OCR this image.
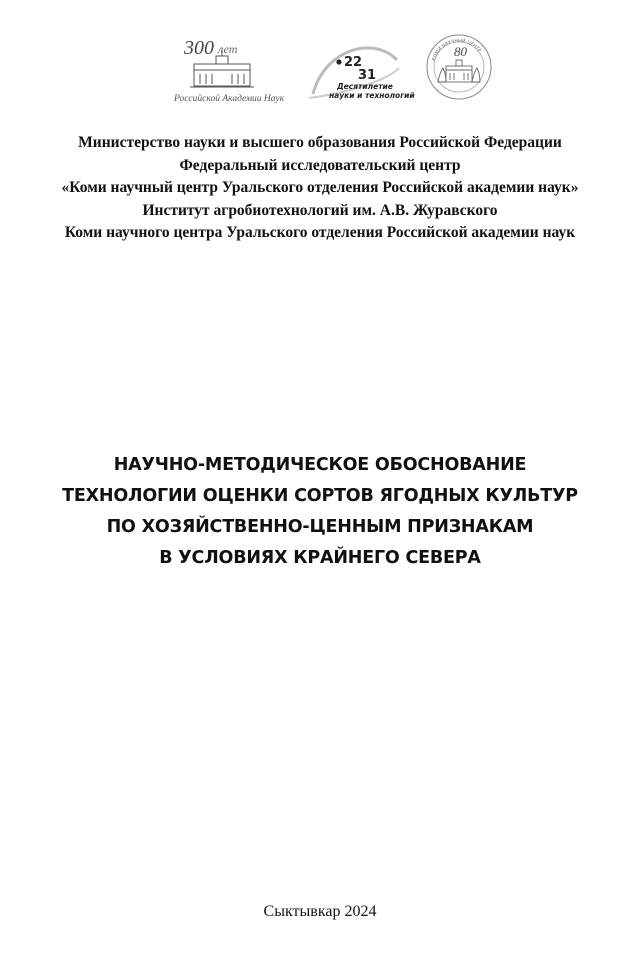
300 лет
Российской Академии Наук
22
31
Десятилетие
науки и технологий
КОМИ НАУЧНЫЙ ЦЕНТР
80
Министерство науки и высшего образования Российской Федерации
Федеральный исследовательский центр
«Коми научный центр Уральского отделения Российской академии наук»
Институт агробиотехнологий им. А.В. Журавского
Коми научного центра Уральского отделения Российской академии наук
НАУЧНО-МЕТОДИЧЕСКОЕ ОБОСНОВАНИЕ
ТЕХНОЛОГИИ ОЦЕНКИ СОРТОВ ЯГОДНЫХ КУЛЬТУР
ПО ХОЗЯЙСТВЕННО-ЦЕННЫМ ПРИЗНАКАМ
В УСЛОВИЯХ КРАЙНЕГО СЕВЕРА
Сыктывкар 2024
